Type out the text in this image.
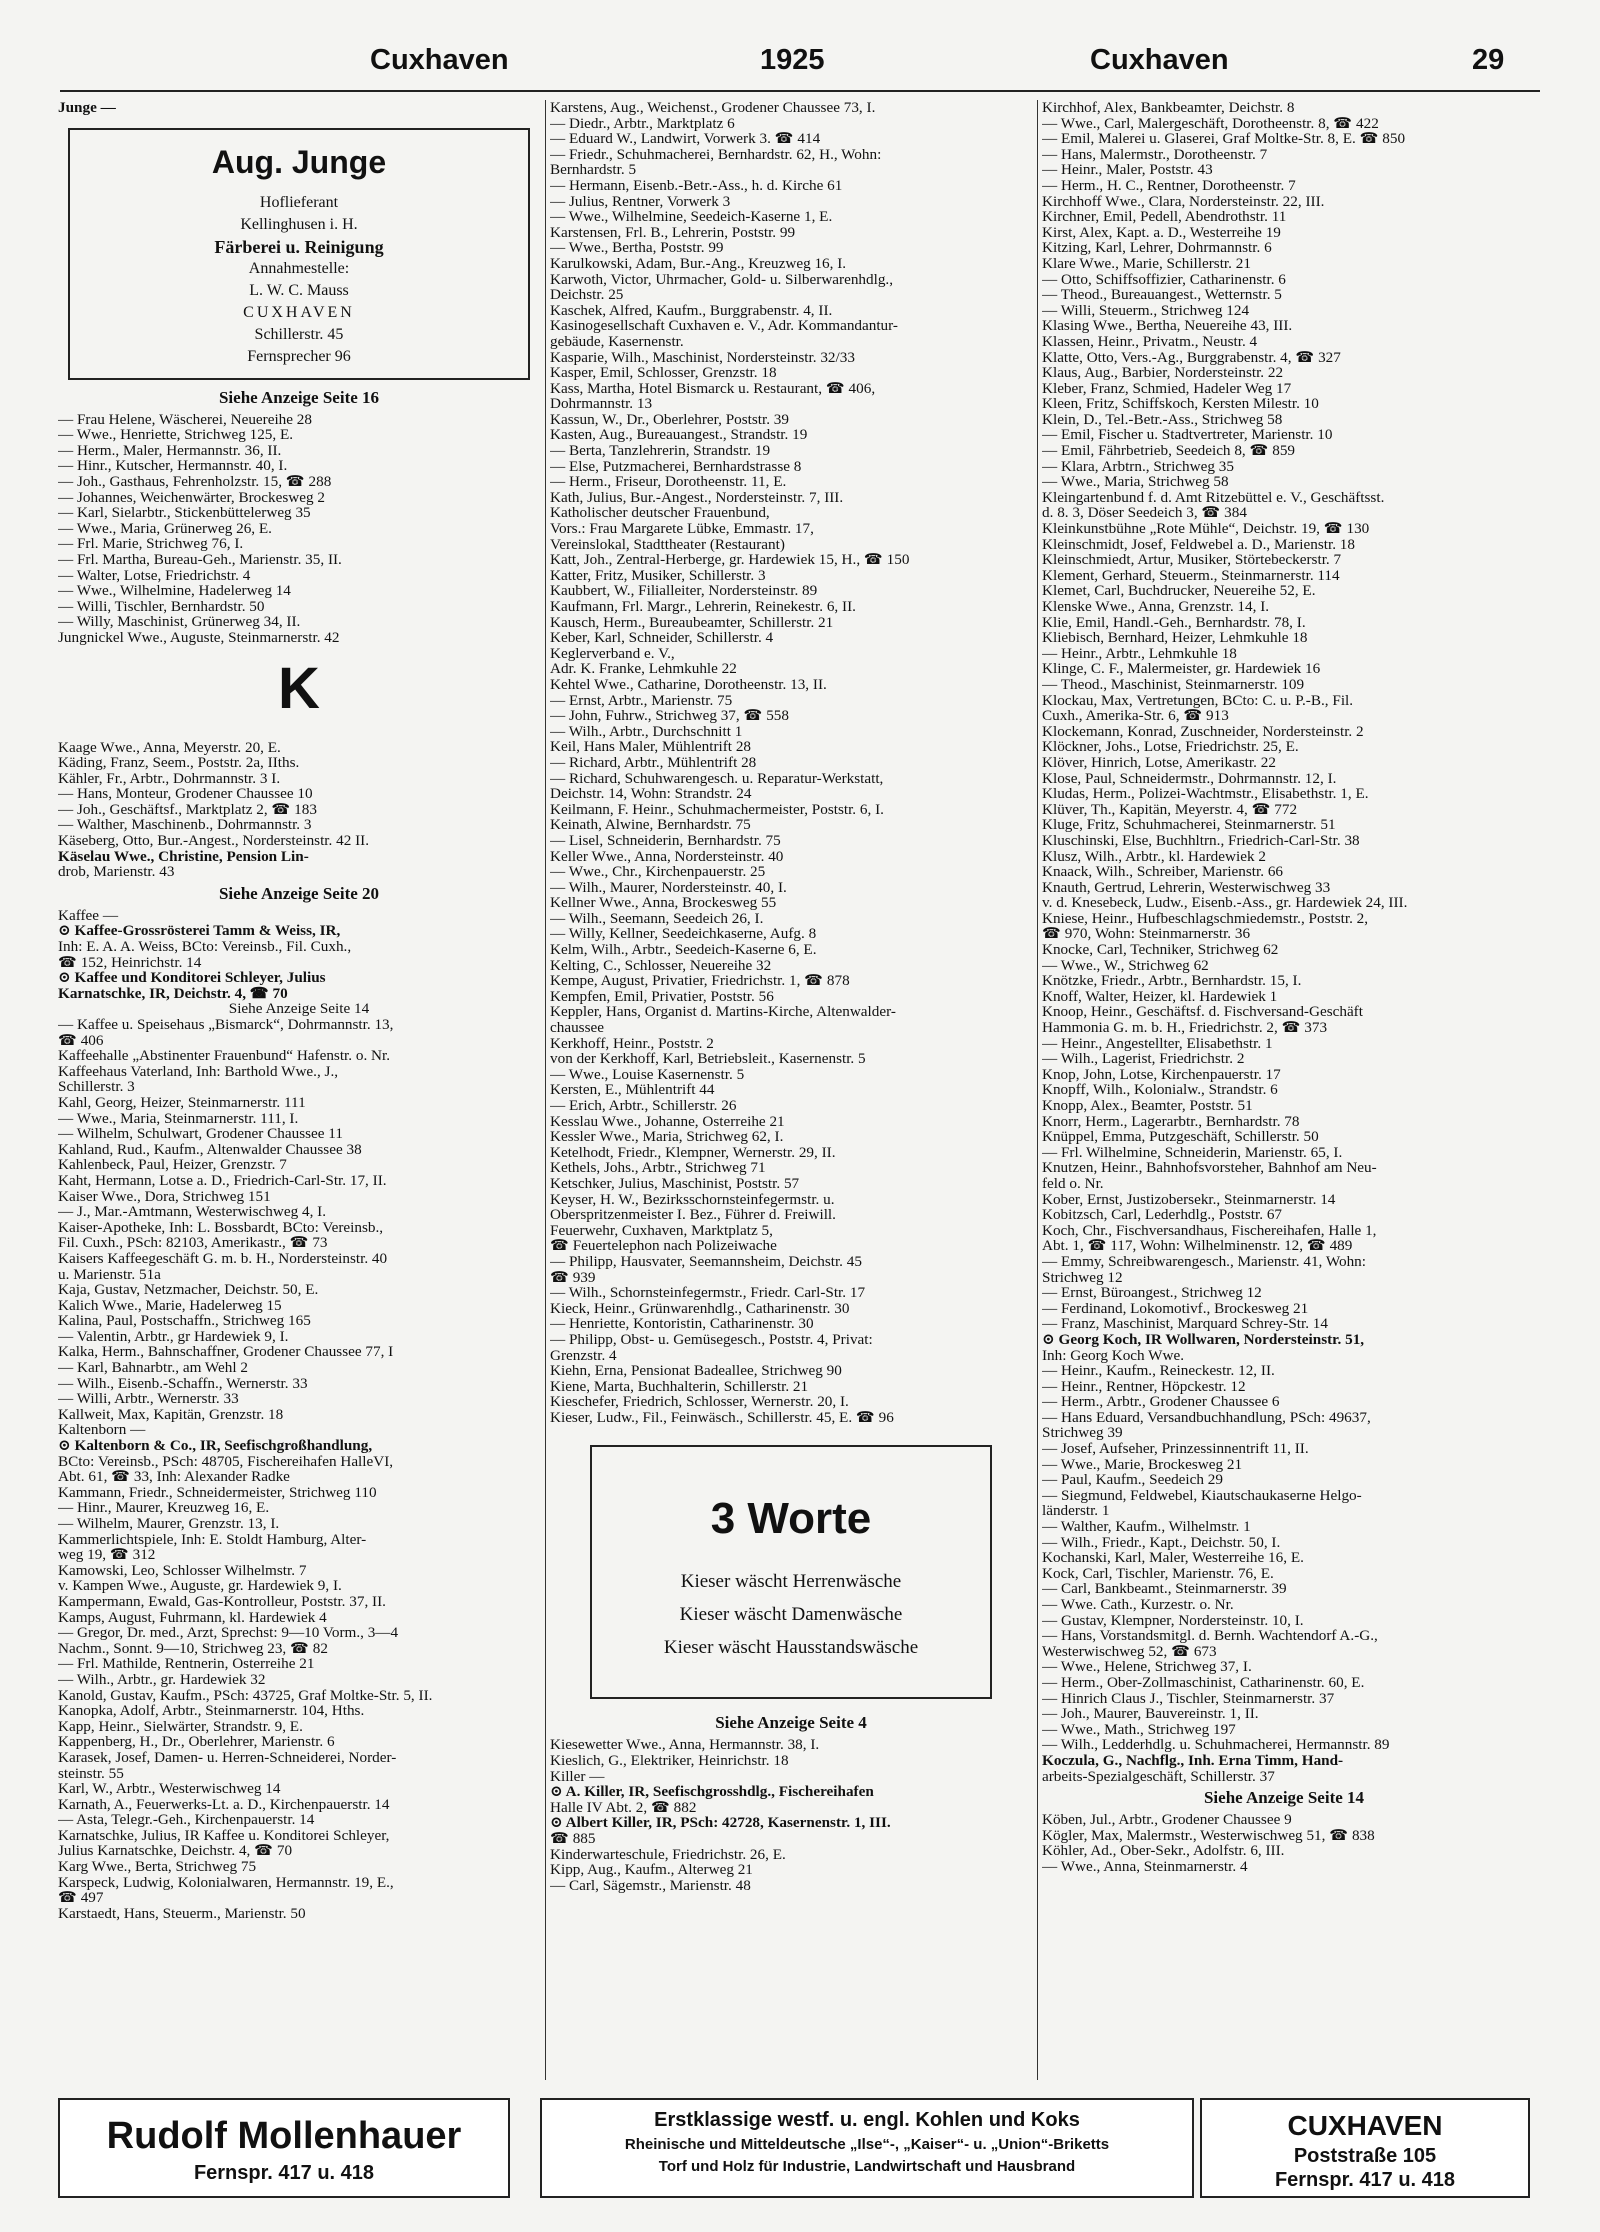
Cuxhaven	1925	Cuxhaven	29

Junge —

Aug. Junge

Hoflieferant

Kellinghusen i. H.

Färberei u. Reinigung

Annahmestelle:

L. W. C. Mauss

CUXHAVEN

Schillerstr. 45

Fernsprecher 96

Siehe Anzeige Seite 16

— Frau Helene, Wäscherei, Neuereihe 28

— Wwe., Henriette, Strichweg 125, E.

— Herm., Maler, Hermannstr. 36, II.

— Hinr., Kutscher, Hermannstr. 40, I.

— Joh., Gasthaus, Fehrenholzstr. 15, ☎ 288

— Johannes, Weichenwärter, Brockesweg 2

— Karl, Sielarbtr., Stickenbüttelerweg 35

— Wwe., Maria, Grünerweg 26, E.

— Frl. Marie, Strichweg 76, I.

— Frl. Martha, Bureau-Geh., Marienstr. 35, II.

— Walter, Lotse, Friedrichstr. 4

— Wwe., Wilhelmine, Hadelerweg 14

— Willi, Tischler, Bernhardstr. 50

— Willy, Maschinist, Grünerweg 34, II.

Jungnickel Wwe., Auguste, Steinmarnerstr. 42

K

Kaage Wwe., Anna, Meyerstr. 20, E.

Käding, Franz, Seem., Poststr. 2a, IIths.

Kähler, Fr., Arbtr., Dohrmannstr. 3 I.

— Hans, Monteur, Grodener Chaussee 10

— Joh., Geschäftsf., Marktplatz 2, ☎ 183

— Walther, Maschinenb., Dohrmannstr. 3

Käseberg, Otto, Bur.-Angest., Nordersteinstr. 42 II.

Käselau Wwe., Christine, Pension Lin-

drob, Marienstr. 43

Siehe Anzeige Seite 20

Kaffee —

⊙ Kaffee-Grossrösterei Tamm & Weiss, IR,

Inh: E. A. A. Weiss, BCto: Vereinsb., Fil. Cuxh.,

☎ 152, Heinrichstr. 14

⊙ Kaffee und Konditorei Schleyer, Julius

Karnatschke, IR, Deichstr. 4, ☎ 70

Siehe Anzeige Seite 14

— Kaffee u. Speisehaus „Bismarck“, Dohrmannstr. 13,

☎ 406

Kaffeehalle „Abstinenter Frauenbund“ Hafenstr. o. Nr.

Kaffeehaus Vaterland, Inh: Barthold Wwe., J.,

Schillerstr. 3

Kahl, Georg, Heizer, Steinmarnerstr. 111

— Wwe., Maria, Steinmarnerstr. 111, I.

— Wilhelm, Schulwart, Grodener Chaussee 11

Kahland, Rud., Kaufm., Altenwalder Chaussee 38

Kahlenbeck, Paul, Heizer, Grenzstr. 7

Kaht, Hermann, Lotse a. D., Friedrich-Carl-Str. 17, II.

Kaiser Wwe., Dora, Strichweg 151

— J., Mar.-Amtmann, Westerwischweg 4, I.

Kaiser-Apotheke, Inh: L. Bossbardt, BCto: Vereinsb.,

Fil. Cuxh., PSch: 82103, Amerikastr., ☎ 73

Kaisers Kaffeegeschäft G. m. b. H., Nordersteinstr. 40

u. Marienstr. 51a

Kaja, Gustav, Netzmacher, Deichstr. 50, E.

Kalich Wwe., Marie, Hadelerweg 15

Kalina, Paul, Postschaffn., Strichweg 165

— Valentin, Arbtr., gr Hardewiek 9, I.

Kalka, Herm., Bahnschaffner, Grodener Chaussee 77, I

— Karl, Bahnarbtr., am Wehl 2

— Wilh., Eisenb.-Schaffn., Wernerstr. 33

— Willi, Arbtr., Wernerstr. 33

Kallweit, Max, Kapitän, Grenzstr. 18

Kaltenborn —

⊙ Kaltenborn & Co., IR, Seefischgroßhandlung,

BCto: Vereinsb., PSch: 48705, Fischereihafen HalleVI,

Abt. 61, ☎ 33, Inh: Alexander Radke

Kammann, Friedr., Schneidermeister, Strichweg 110

— Hinr., Maurer, Kreuzweg 16, E.

— Wilhelm, Maurer, Grenzstr. 13, I.

Kammerlichtspiele, Inh: E. Stoldt Hamburg, Alter-

weg 19, ☎ 312

Kamowski, Leo, Schlosser Wilhelmstr. 7

v. Kampen Wwe., Auguste, gr. Hardewiek 9, I.

Kampermann, Ewald, Gas-Kontrolleur, Poststr. 37, II.

Kamps, August, Fuhrmann, kl. Hardewiek 4

— Gregor, Dr. med., Arzt, Sprechst: 9—10 Vorm., 3—4

Nachm., Sonnt. 9—10, Strichweg 23, ☎ 82

— Frl. Mathilde, Rentnerin, Osterreihe 21

— Wilh., Arbtr., gr. Hardewiek 32

Kanold, Gustav, Kaufm., PSch: 43725, Graf Moltke-Str. 5, II.

Kanopka, Adolf, Arbtr., Steinmarnerstr. 104, Hths.

Kapp, Heinr., Sielwärter, Strandstr. 9, E.

Kappenberg, H., Dr., Oberlehrer, Marienstr. 6

Karasek, Josef, Damen- u. Herren-Schneiderei, Norder-

steinstr. 55

Karl, W., Arbtr., Westerwischweg 14

Karnath, A., Feuerwerks-Lt. a. D., Kirchenpauerstr. 14

— Asta, Telegr.-Geh., Kirchenpauerstr. 14

Karnatschke, Julius, IR Kaffee u. Konditorei Schleyer,

Julius Karnatschke, Deichstr. 4, ☎ 70

Karg Wwe., Berta, Strichweg 75

Karspeck, Ludwig, Kolonialwaren, Hermannstr. 19, E.,

☎ 497

Karstaedt, Hans, Steuerm., Marienstr. 50

Karstens, Aug., Weichenst., Grodener Chaussee 73, I.

— Diedr., Arbtr., Marktplatz 6

— Eduard W., Landwirt, Vorwerk 3. ☎ 414

— Friedr., Schuhmacherei, Bernhardstr. 62, H., Wohn:

Bernhardstr. 5

— Hermann, Eisenb.-Betr.-Ass., h. d. Kirche 61

— Julius, Rentner, Vorwerk 3

— Wwe., Wilhelmine, Seedeich-Kaserne 1, E.

Karstensen, Frl. B., Lehrerin, Poststr. 99

— Wwe., Bertha, Poststr. 99

Karulkowski, Adam, Bur.-Ang., Kreuzweg 16, I.

Karwoth, Victor, Uhrmacher, Gold- u. Silberwarenhdlg.,

Deichstr. 25

Kaschek, Alfred, Kaufm., Burggrabenstr. 4, II.

Kasinogesellschaft Cuxhaven e. V., Adr. Kommandantur-

gebäude, Kasernenstr.

Kasparie, Wilh., Maschinist, Nordersteinstr. 32/33

Kasper, Emil, Schlosser, Grenzstr. 18

Kass, Martha, Hotel Bismarck u. Restaurant, ☎ 406,

Dohrmannstr. 13

Kassun, W., Dr., Oberlehrer, Poststr. 39

Kasten, Aug., Bureauangest., Strandstr. 19

— Berta, Tanzlehrerin, Strandstr. 19

— Else, Putzmacherei, Bernhardstrasse 8

— Herm., Friseur, Dorotheenstr. 11, E.

Kath, Julius, Bur.-Angest., Nordersteinstr. 7, III.

Katholischer deutscher Frauenbund,

Vors.: Frau Margarete Lübke, Emmastr. 17,

Vereinslokal, Stadttheater (Restaurant)

Katt, Joh., Zentral-Herberge, gr. Hardewiek 15, H., ☎ 150

Katter, Fritz, Musiker, Schillerstr. 3

Kaubbert, W., Filialleiter, Nordersteinstr. 89

Kaufmann, Frl. Margr., Lehrerin, Reinekestr. 6, II.

Kausch, Herm., Bureaubeamter, Schillerstr. 21

Keber, Karl, Schneider, Schillerstr. 4

Keglerverband e. V.,

Adr. K. Franke, Lehmkuhle 22

Kehtel Wwe., Catharine, Dorotheenstr. 13, II.

— Ernst, Arbtr., Marienstr. 75

— John, Fuhrw., Strichweg 37, ☎ 558

— Wilh., Arbtr., Durchschnitt 1

Keil, Hans Maler, Mühlentrift 28

— Richard, Arbtr., Mühlentrift 28

— Richard, Schuhwarengesch. u. Reparatur-Werkstatt,

Deichstr. 14, Wohn: Strandstr. 24

Keilmann, F. Heinr., Schuhmachermeister, Poststr. 6, I.

Keinath, Alwine, Bernhardstr. 75

— Lisel, Schneiderin, Bernhardstr. 75

Keller Wwe., Anna, Nordersteinstr. 40

— Wwe., Chr., Kirchenpauerstr. 25

— Wilh., Maurer, Nordersteinstr. 40, I.

Kellner Wwe., Anna, Brockesweg 55

— Wilh., Seemann, Seedeich 26, I.

— Willy, Kellner, Seedeichkaserne, Aufg. 8

Kelm, Wilh., Arbtr., Seedeich-Kaserne 6, E.

Kelting, C., Schlosser, Neuereihe 32

Kempe, August, Privatier, Friedrichstr. 1, ☎ 878

Kempfen, Emil, Privatier, Poststr. 56

Keppler, Hans, Organist d. Martins-Kirche, Altenwalder-

chaussee

Kerkhoff, Heinr., Poststr. 2

von der Kerkhoff, Karl, Betriebsleit., Kasernenstr. 5

— Wwe., Louise Kasernenstr. 5

Kersten, E., Mühlentrift 44

— Erich, Arbtr., Schillerstr. 26

Kesslau Wwe., Johanne, Osterreihe 21

Kessler Wwe., Maria, Strichweg 62, I.

Ketelhodt, Friedr., Klempner, Wernerstr. 29, II.

Kethels, Johs., Arbtr., Strichweg 71

Ketschker, Julius, Maschinist, Poststr. 57

Keyser, H. W., Bezirksschornsteinfegermstr. u.

Oberspritzenmeister I. Bez., Führer d. Freiwill.

Feuerwehr, Cuxhaven, Marktplatz 5,

☎ Feuertelephon nach Polizeiwache

— Philipp, Hausvater, Seemannsheim, Deichstr. 45

☎ 939

— Wilh., Schornsteinfegermstr., Friedr. Carl-Str. 17

Kieck, Heinr., Grünwarenhdlg., Catharinenstr. 30

— Henriette, Kontoristin, Catharinenstr. 30

— Philipp, Obst- u. Gemüsegesch., Poststr. 4, Privat:

Grenzstr. 4

Kiehn, Erna, Pensionat Badeallee, Strichweg 90

Kiene, Marta, Buchhalterin, Schillerstr. 21

Kieschefer, Friedrich, Schlosser, Wernerstr. 20, I.

Kieser, Ludw., Fil., Feinwäsch., Schillerstr. 45, E. ☎ 96

3 Worte

Kieser wäscht Herrenwäsche

Kieser wäscht Damenwäsche

Kieser wäscht Hausstandswäsche

Siehe Anzeige Seite 4

Kiesewetter Wwe., Anna, Hermannstr. 38, I.

Kieslich, G., Elektriker, Heinrichstr. 18

Killer —

⊙ A. Killer, IR, Seefischgrosshdlg., Fischereihafen

Halle IV Abt. 2, ☎ 882

⊙ Albert Killer, IR, PSch: 42728, Kasernenstr. 1, III.

☎ 885

Kinderwarteschule, Friedrichstr. 26, E.

Kipp, Aug., Kaufm., Alterweg 21

— Carl, Sägemstr., Marienstr. 48

Kirchhof, Alex, Bankbeamter, Deichstr. 8

— Wwe., Carl, Malergeschäft, Dorotheenstr. 8, ☎ 422

— Emil, Malerei u. Glaserei, Graf Moltke-Str. 8, E. ☎ 850

— Hans, Malermstr., Dorotheenstr. 7

— Heinr., Maler, Poststr. 43

— Herm., H. C., Rentner, Dorotheenstr. 7

Kirchhoff Wwe., Clara, Nordersteinstr. 22, III.

Kirchner, Emil, Pedell, Abendrothstr. 11

Kirst, Alex, Kapt. a. D., Westerreihe 19

Kitzing, Karl, Lehrer, Dohrmannstr. 6

Klare Wwe., Marie, Schillerstr. 21

— Otto, Schiffsoffizier, Catharinenstr. 6

— Theod., Bureauangest., Wetternstr. 5

— Willi, Steuerm., Strichweg 124

Klasing Wwe., Bertha, Neuereihe 43, III.

Klassen, Heinr., Privatm., Neustr. 4

Klatte, Otto, Vers.-Ag., Burggrabenstr. 4, ☎ 327

Klaus, Aug., Barbier, Nordersteinstr. 22

Kleber, Franz, Schmied, Hadeler Weg 17

Kleen, Fritz, Schiffskoch, Kersten Milestr. 10

Klein, D., Tel.-Betr.-Ass., Strichweg 58

— Emil, Fischer u. Stadtvertreter, Marienstr. 10

— Emil, Fährbetrieb, Seedeich 8, ☎ 859

— Klara, Arbtrn., Strichweg 35

— Wwe., Maria, Strichweg 58

Kleingartenbund f. d. Amt Ritzebüttel e. V., Geschäftsst.

d. 8. 3, Döser Seedeich 3, ☎ 384

Kleinkunstbühne „Rote Mühle“, Deichstr. 19, ☎ 130

Kleinschmidt, Josef, Feldwebel a. D., Marienstr. 18

Kleinschmiedt, Artur, Musiker, Störtebeckerstr. 7

Klement, Gerhard, Steuerm., Steinmarnerstr. 114

Klemet, Carl, Buchdrucker, Neuereihe 52, E.

Klenske Wwe., Anna, Grenzstr. 14, I.

Klie, Emil, Handl.-Geh., Bernhardstr. 78, I.

Kliebisch, Bernhard, Heizer, Lehmkuhle 18

— Heinr., Arbtr., Lehmkuhle 18

Klinge, C. F., Malermeister, gr. Hardewiek 16

— Theod., Maschinist, Steinmarnerstr. 109

Klockau, Max, Vertretungen, BCto: C. u. P.-B., Fil.

Cuxh., Amerika-Str. 6, ☎ 913

Klockemann, Konrad, Zuschneider, Nordersteinstr. 2

Klöckner, Johs., Lotse, Friedrichstr. 25, E.

Klöver, Hinrich, Lotse, Amerikastr. 22

Klose, Paul, Schneidermstr., Dohrmannstr. 12, I.

Kludas, Herm., Polizei-Wachtmstr., Elisabethstr. 1, E.

Klüver, Th., Kapitän, Meyerstr. 4, ☎ 772

Kluge, Fritz, Schuhmacherei, Steinmarnerstr. 51

Kluschinski, Else, Buchhltrn., Friedrich-Carl-Str. 38

Klusz, Wilh., Arbtr., kl. Hardewiek 2

Knaack, Wilh., Schreiber, Marienstr. 66

Knauth, Gertrud, Lehrerin, Westerwischweg 33

v. d. Knesebeck, Ludw., Eisenb.-Ass., gr. Hardewiek 24, III.

Kniese, Heinr., Hufbeschlagschmiedemstr., Poststr. 2,

☎ 970, Wohn: Steinmarnerstr. 36

Knocke, Carl, Techniker, Strichweg 62

— Wwe., W., Strichweg 62

Knötzke, Friedr., Arbtr., Bernhardstr. 15, I.

Knoff, Walter, Heizer, kl. Hardewiek 1

Knoop, Heinr., Geschäftsf. d. Fischversand-Geschäft

Hammonia G. m. b. H., Friedrichstr. 2, ☎ 373

— Heinr., Angestellter, Elisabethstr. 1

— Wilh., Lagerist, Friedrichstr. 2

Knop, John, Lotse, Kirchenpauerstr. 17

Knopff, Wilh., Kolonialw., Strandstr. 6

Knopp, Alex., Beamter, Poststr. 51

Knorr, Herm., Lagerarbtr., Bernhardstr. 78

Knüppel, Emma, Putzgeschäft, Schillerstr. 50

— Frl. Wilhelmine, Schneiderin, Marienstr. 65, I.

Knutzen, Heinr., Bahnhofsvorsteher, Bahnhof am Neu-

feld o. Nr.

Kober, Ernst, Justizobersekr., Steinmarnerstr. 14

Kobitzsch, Carl, Lederhdlg., Poststr. 67

Koch, Chr., Fischversandhaus, Fischereihafen, Halle 1,

Abt. 1, ☎ 117, Wohn: Wilhelminenstr. 12, ☎ 489

— Emmy, Schreibwarengesch., Marienstr. 41, Wohn:

Strichweg 12

— Ernst, Büroangest., Strichweg 12

— Ferdinand, Lokomotivf., Brockesweg 21

— Franz, Maschinist, Marquard Schrey-Str. 14

⊙ Georg Koch, IR Wollwaren, Nordersteinstr. 51,

Inh: Georg Koch Wwe.

— Heinr., Kaufm., Reineckestr. 12, II.

— Heinr., Rentner, Höpckestr. 12

— Herm., Arbtr., Grodener Chaussee 6

— Hans Eduard, Versandbuchhandlung, PSch: 49637,

Strichweg 39

— Josef, Aufseher, Prinzessinnentrift 11, II.

— Wwe., Marie, Brockesweg 21

— Paul, Kaufm., Seedeich 29

— Siegmund, Feldwebel, Kiautschaukaserne Helgo-

länderstr. 1

— Walther, Kaufm., Wilhelmstr. 1

— Wilh., Friedr., Kapt., Deichstr. 50, I.

Kochanski, Karl, Maler, Westerreihe 16, E.

Kock, Carl, Tischler, Marienstr. 76, E.

— Carl, Bankbeamt., Steinmarnerstr. 39

— Wwe. Cath., Kurzestr. o. Nr.

— Gustav, Klempner, Nordersteinstr. 10, I.

— Hans, Vorstandsmitgl. d. Bernh. Wachtendorf A.-G.,

Westerwischweg 52, ☎ 673

— Wwe., Helene, Strichweg 37, I.

— Herm., Ober-Zollmaschinist, Catharinenstr. 60, E.

— Hinrich Claus J., Tischler, Steinmarnerstr. 37

— Joh., Maurer, Bauvereinstr. 1, II.

— Wwe., Math., Strichweg 197

— Wilh., Ledderhdlg. u. Schuhmacherei, Hermannstr. 89

Koczula, G., Nachflg., Inh. Erna Timm, Hand-

arbeits-Spezialgeschäft, Schillerstr. 37

Siehe Anzeige Seite 14

Köben, Jul., Arbtr., Grodener Chaussee 9

Kögler, Max, Malermstr., Westerwischweg 51, ☎ 838

Köhler, Ad., Ober-Sekr., Adolfstr. 6, III.

— Wwe., Anna, Steinmarnerstr. 4

Rudolf Mollenhauer
Fernspr. 417 u. 418
Erstklassige westf. u. engl. Kohlen und Koks
Rheinische und Mitteldeutsche „Ilse“-, „Kaiser“- u. „Union“-Briketts
Torf und Holz für Industrie, Landwirtschaft und Hausbrand
CUXHAVEN
Poststraße 105
Fernspr. 417 u. 418
